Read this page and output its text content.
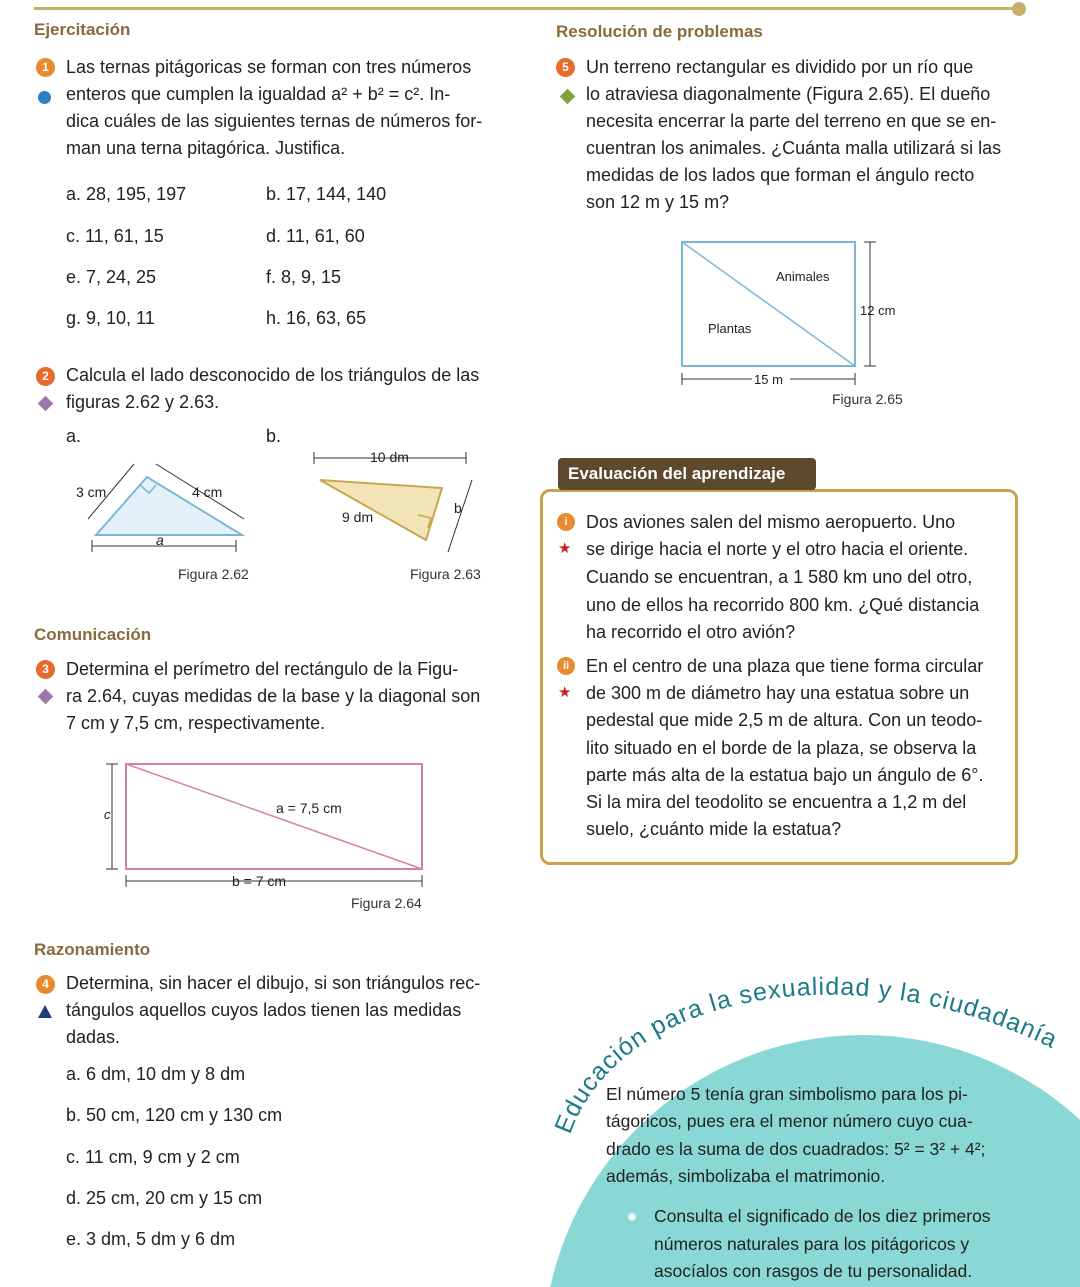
Ejercitación
1 Las ternas pitágoricas se forman con tres números
enteros que cumplen la igualdad a² + b² = c². In-
dica cuáles de las siguientes ternas de números for-
man una terna pitagórica. Justifica.
a. 28, 195, 197	b. 17, 144, 140
c. 11, 61, 15	d. 11, 61, 60
e. 7, 24, 25	f. 8, 9, 15
g. 9, 10, 11	h. 16, 63, 65
2 Calcula el lado desconocido de los triángulos de las
figuras 2.62 y 2.63.
a.	b.
3 cm	4 cm
a
Figura 2.62
10 dm
9 dm
b
Figura 2.63
Comunicación
3 Determina el perímetro del rectángulo de la Figu-
ra 2.64, cuyas medidas de la base y la diagonal son
7 cm y 7,5 cm, respectivamente.
c	a = 7,5 cm
b = 7 cm
Figura 2.64
Razonamiento
4 Determina, sin hacer el dibujo, si son triángulos rec-
tángulos aquellos cuyos lados tienen las medidas
dadas.
a. 6 dm, 10 dm y 8 dm
b. 50 cm, 120 cm y 130 cm
c. 11 cm, 9 cm y 2 cm
d. 25 cm, 20 cm y 15 cm
e. 3 dm, 5 dm y 6 dm
Resolución de problemas
5 Un terreno rectangular es dividido por un río que
lo atraviesa diagonalmente (Figura 2.65). El dueño
necesita encerrar la parte del terreno en que se en-
cuentran los animales. ¿Cuánta malla utilizará si las
medidas de los lados que forman el ángulo recto
son 12 m y 15 m?
Animales
Plantas
12 cm
15 m
Figura 2.65
Evaluación del aprendizaje
i
★
Dos aviones salen del mismo aeropuerto. Uno
se dirige hacia el norte y el otro hacia el oriente.
Cuando se encuentran, a 1 580 km uno del otro,
uno de ellos ha recorrido 800 km. ¿Qué distancia
ha recorrido el otro avión?
ii
★
En el centro de una plaza que tiene forma circular
de 300 m de diámetro hay una estatua sobre un
pedestal que mide 2,5 m de altura. Con un teodo-
lito situado en el borde de la plaza, se observa la
parte más alta de la estatua bajo un ángulo de 6°.
Si la mira del teodolito se encuentra a 1,2 m del
suelo, ¿cuánto mide la estatua?
Educación para la sexualidad y la ciudadanía
El número 5 tenía gran simbolismo para los pi-
tágoricos, pues era el menor número cuyo cua-
drado es la suma de dos cuadrados: 5² = 3² + 4²;
además, simbolizaba el matrimonio.
Consulta el significado de los diez primeros
números naturales para los pitágoricos y
asocíalos con rasgos de tu personalidad.
